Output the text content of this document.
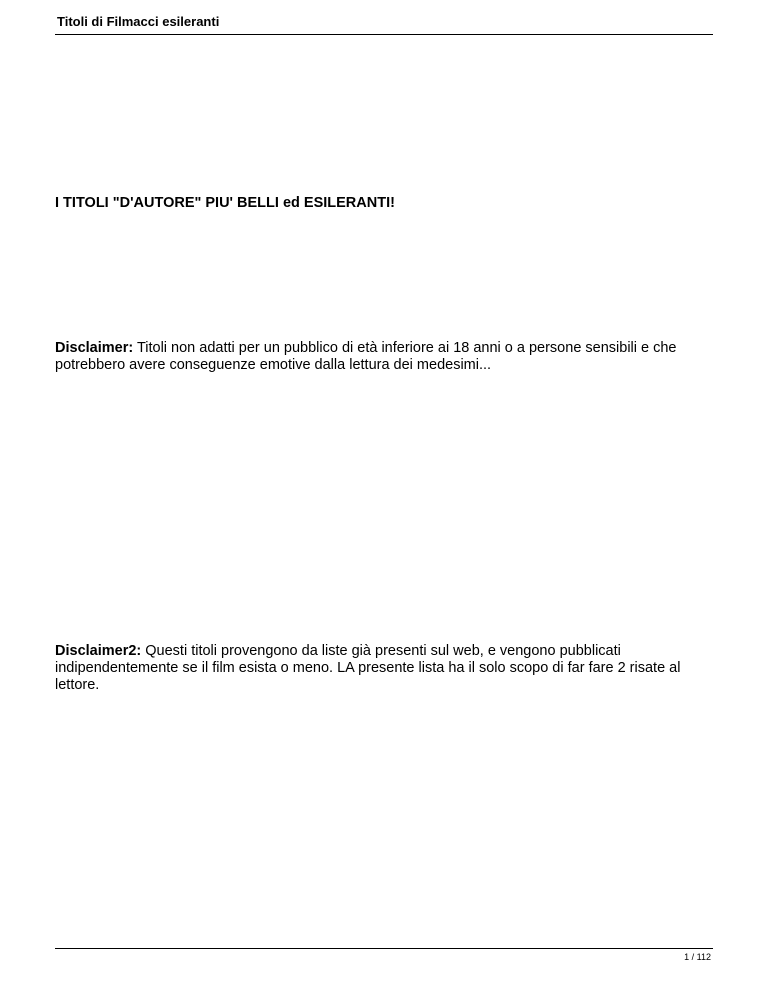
Titoli di Filmacci esileranti
I TITOLI "D'AUTORE" PIU' BELLI ed ESILERANTI!
Disclaimer: Titoli non adatti per un pubblico di età inferiore ai 18 anni o a persone sensibili e che potrebbero avere conseguenze emotive dalla lettura dei medesimi...
Disclaimer2: Questi titoli provengono da liste già presenti sul web, e vengono pubblicati indipendentemente se il film esista o meno. LA presente lista ha il solo scopo di far fare 2 risate al lettore.
1 / 112
